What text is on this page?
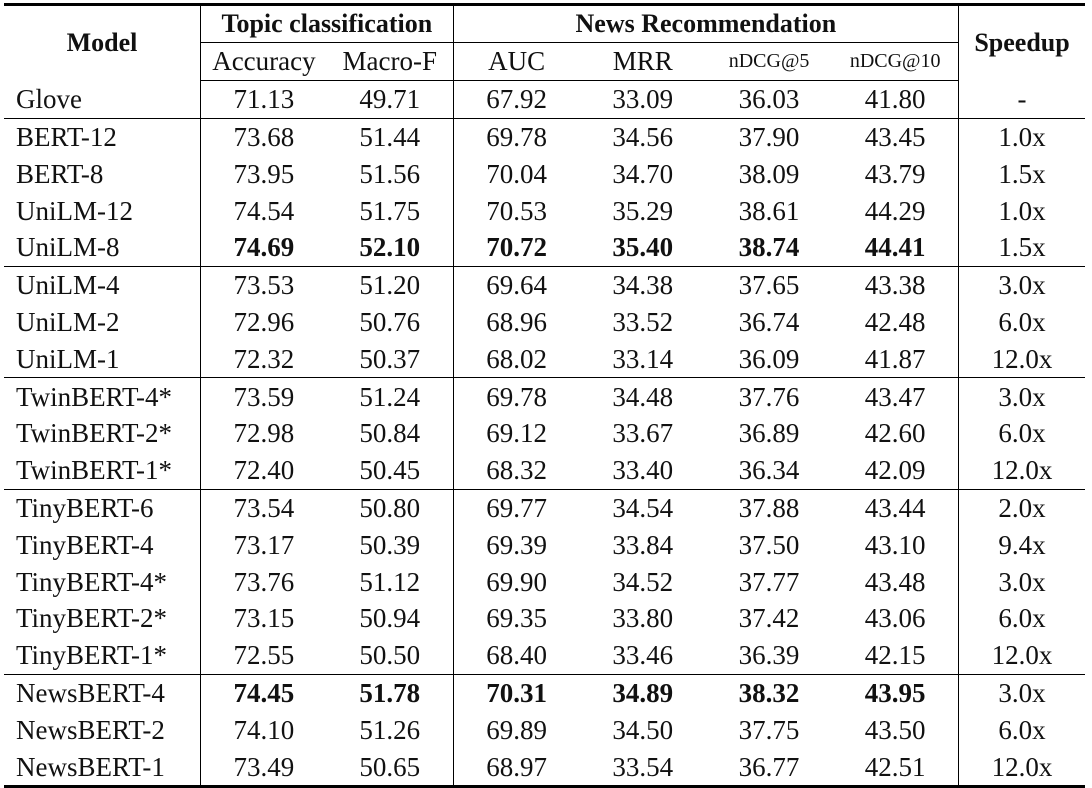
Model	Topic classification		News Recommendation				Speedup
	Accuracy	Macro-F	AUC	MRR	nDCG@5	nDCG@10	
Glove	71.13	49.71	67.92	33.09	36.03	41.80	-
BERT-12	73.68	51.44	69.78	34.56	37.90	43.45	1.0x
BERT-8	73.95	51.56	70.04	34.70	38.09	43.79	1.5x
UniLM-12	74.54	51.75	70.53	35.29	38.61	44.29	1.0x
UniLM-8	74.69	52.10	70.72	35.40	38.74	44.41	1.5x
UniLM-4	73.53	51.20	69.64	34.38	37.65	43.38	3.0x
UniLM-2	72.96	50.76	68.96	33.52	36.74	42.48	6.0x
UniLM-1	72.32	50.37	68.02	33.14	36.09	41.87	12.0x
TwinBERT-4*	73.59	51.24	69.78	34.48	37.76	43.47	3.0x
TwinBERT-2*	72.98	50.84	69.12	33.67	36.89	42.60	6.0x
TwinBERT-1*	72.40	50.45	68.32	33.40	36.34	42.09	12.0x
TinyBERT-6	73.54	50.80	69.77	34.54	37.88	43.44	2.0x
TinyBERT-4	73.17	50.39	69.39	33.84	37.50	43.10	9.4x
TinyBERT-4*	73.76	51.12	69.90	34.52	37.77	43.48	3.0x
TinyBERT-2*	73.15	50.94	69.35	33.80	37.42	43.06	6.0x
TinyBERT-1*	72.55	50.50	68.40	33.46	36.39	42.15	12.0x
NewsBERT-4	74.45	51.78	70.31	34.89	38.32	43.95	3.0x
NewsBERT-2	74.10	51.26	69.89	34.50	37.75	43.50	6.0x
NewsBERT-1	73.49	50.65	68.97	33.54	36.77	42.51	12.0x
